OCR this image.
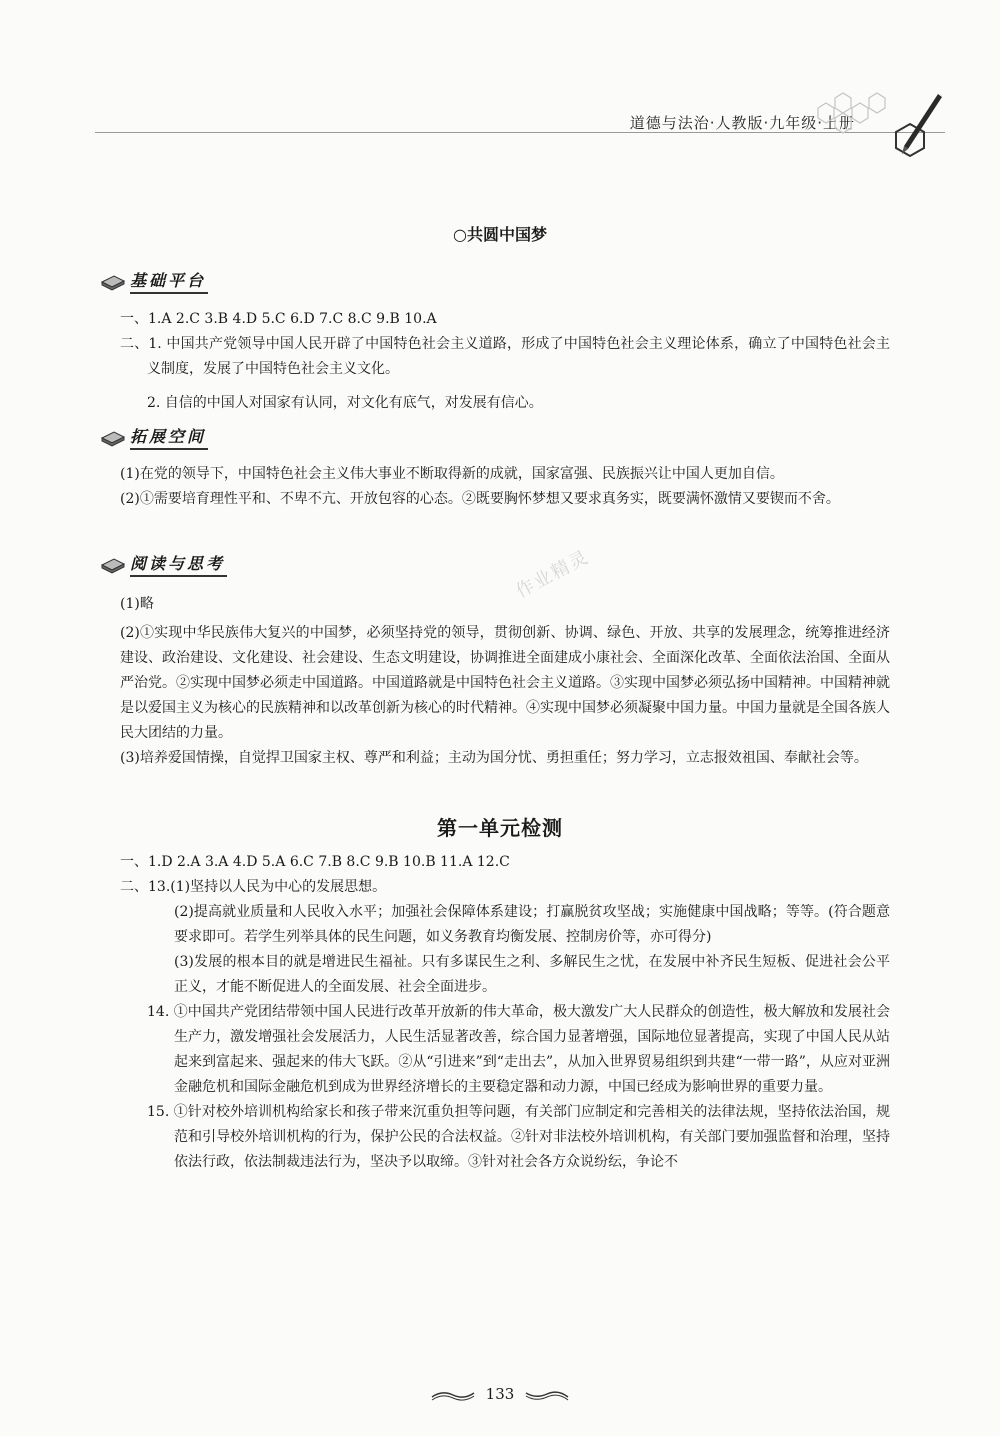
道德与法治·人教版·九年级·上册
○共圆中国梦
基础平台

一、1.A 2.C 3.B 4.D 5.C 6.D 7.C 8.C 9.B 10.A

二、1. 中国共产党领导中国人民开辟了中国特色社会主义道路，形成了中国特色社会主义理论体系，确立了中国特色社会主义制度，发展了中国特色社会主义文化。

2. 自信的中国人对国家有认同，对文化有底气，对发展有信心。

拓展空间

(1)在党的领导下，中国特色社会主义伟大事业不断取得新的成就，国家富强、民族振兴让中国人更加自信。

(2)①需要培育理性平和、不卑不亢、开放包容的心态。②既要胸怀梦想又要求真务实，既要满怀激情又要锲而不舍。

阅读与思考	作业精灵

(1)略

(2)①实现中华民族伟大复兴的中国梦，必须坚持党的领导，贯彻创新、协调、绿色、开放、共享的发展理念，统筹推进经济建设、政治建设、文化建设、社会建设、生态文明建设，协调推进全面建成小康社会、全面深化改革、全面依法治国、全面从严治党。②实现中国梦必须走中国道路。中国道路就是中国特色社会主义道路。③实现中国梦必须弘扬中国精神。中国精神就是以爱国主义为核心的民族精神和以改革创新为核心的时代精神。④实现中国梦必须凝聚中国力量。中国力量就是全国各族人民大团结的力量。

(3)培养爱国情操，自觉捍卫国家主权、尊严和利益；主动为国分忧、勇担重任；努力学习，立志报效祖国、奉献社会等。

第一单元检测

一、1.D 2.A 3.A 4.D 5.A 6.C 7.B 8.C 9.B 10.B 11.A 12.C

二、13.(1)坚持以人民为中心的发展思想。

(2)提高就业质量和人民收入水平；加强社会保障体系建设；打赢脱贫攻坚战；实施健康中国战略；等等。(符合题意要求即可。若学生列举具体的民生问题，如义务教育均衡发展、控制房价等，亦可得分)

(3)发展的根本目的就是增进民生福祉。只有多谋民生之利、多解民生之忧，在发展中补齐民生短板、促进社会公平正义，才能不断促进人的全面发展、社会全面进步。

14. ①中国共产党团结带领中国人民进行改革开放新的伟大革命，极大激发广大人民群众的创造性，极大解放和发展社会生产力，激发增强社会发展活力，人民生活显著改善，综合国力显著增强，国际地位显著提高，实现了中国人民从站起来到富起来、强起来的伟大飞跃。②从“引进来”到“走出去”，从加入世界贸易组织到共建“一带一路”，从应对亚洲金融危机和国际金融危机到成为世界经济增长的主要稳定器和动力源，中国已经成为影响世界的重要力量。

15. ①针对校外培训机构给家长和孩子带来沉重负担等问题，有关部门应制定和完善相关的法律法规，坚持依法治国，规范和引导校外培训机构的行为，保护公民的合法权益。②针对非法校外培训机构，有关部门要加强监督和治理，坚持依法行政，依法制裁违法行为，坚决予以取缔。③针对社会各方众说纷纭，争论不

133
